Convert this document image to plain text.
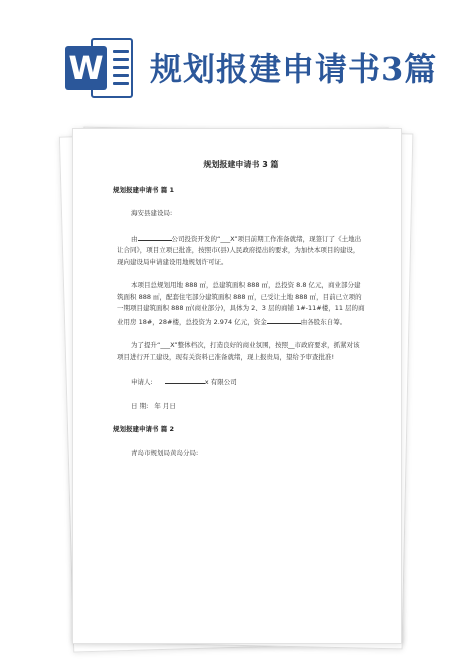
W 规划报建申请书3篇
规划报建申请书 3 篇
规划报建申请书 篇 1
海安县建设局:
由	公司投资开发的“___X”项目前期工作准备就绪，现签订了《土地出让合同》，项目立项已批准，按照市(县)人民政府提出的要求，为加快本项目的建设，现向建设局申请建设用地规划许可证。
本项目总规划用地 888 ㎡，总建筑面积 888 ㎡，总投资 8.8 亿元，商业部分建筑面积 888 ㎡，配套住宅部分建筑面积 888 ㎡，已受让土地 888 ㎡，目前已立项的一期项目建筑面积 888 ㎡(商业部分)，具体为 2、3 层的商铺 1#-11#楼，11 层的商业用房 18#，28#楼，总投资为 2.974 亿元，资金	由各股东自筹。
为了提升“___X”整体档次，打造良好的商业氛围，按照__市政府要求，抓紧对该项目进行开工建设，现有关资料已准备就绪，现上报贵局，望给予审查批准!
申请人:	x 有限公司
日 期: 年 月日
规划报建申请书 篇 2
青岛市规划局黄岛分局:
